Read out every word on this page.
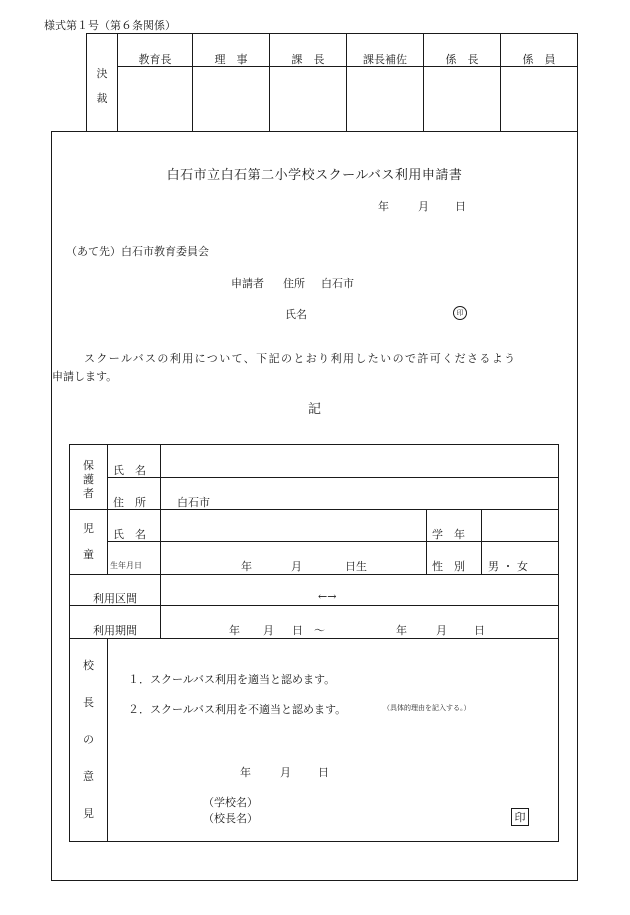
様式第１号（第６条関係）
決
裁
教育長	理　事	課　長	課長補佐	係　長	係　員
白石市立白石第二小学校スクールバス利用申請書
年	月 日
（あて先）白石市教育委員会
申請者 住所 白石市
氏名	印
スクールバスの利用について、下記のとおり利用したいので許可くださるよう
申請します。
記
保
護
者
氏　名
住　所	白石市
児
童
氏　名	学　年
生年月日	年	月	日生	性　別 男 ・ 女
利用区間	←→
利用期間	年 月 日　～	年	月 日
校
長
の
意
見
１．スクールバス利用を適当と認めます。
２．スクールバス利用を不適当と認めます。	（具体的理由を記入する。）
年	月 日
（学校名）
（校長名）	印
